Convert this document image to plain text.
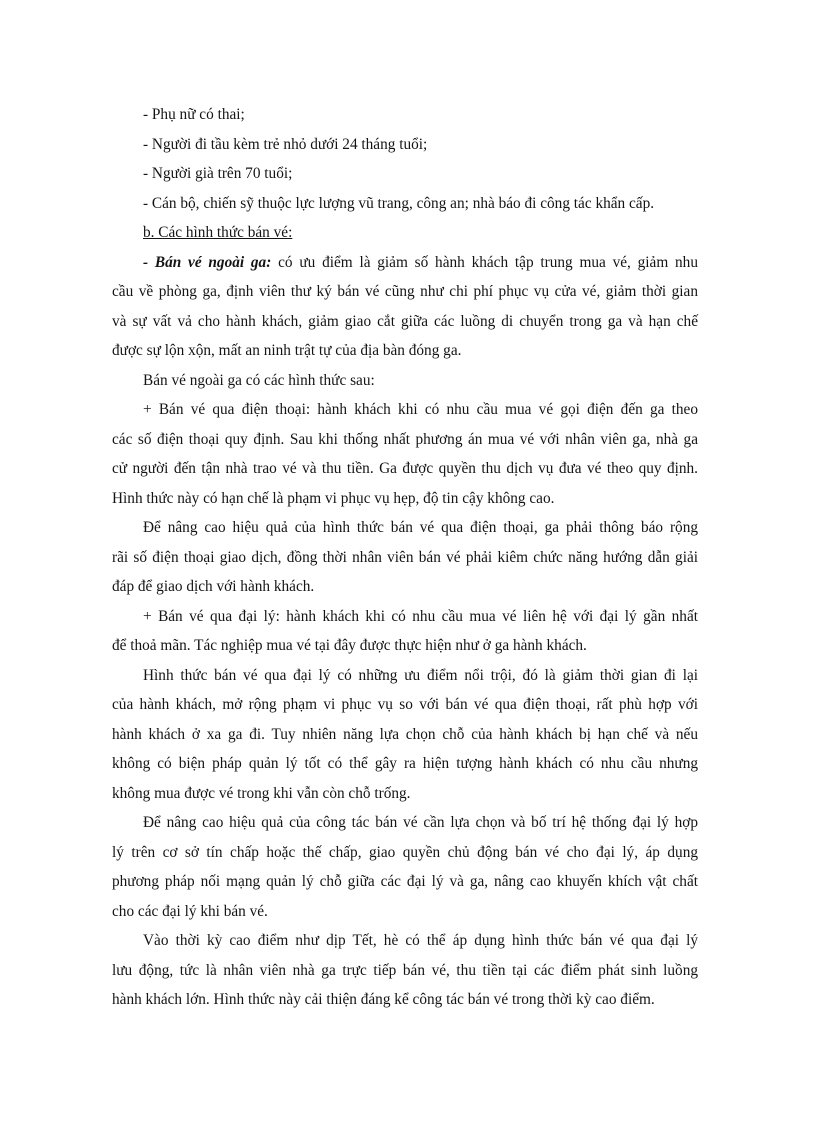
- Phụ nữ có thai;
- Người đi tầu kèm trẻ nhỏ dưới 24 tháng tuổi;
- Người già trên 70 tuổi;
- Cán bộ, chiến sỹ thuộc lực lượng vũ trang, công an; nhà báo đi công tác khẩn cấp.
b. Các hình thức bán vé:
- Bán vé ngoài ga: có ưu điểm là giảm số hành khách tập trung mua vé, giảm nhu
cầu về phòng ga, định viên thư ký bán vé cũng như chi phí phục vụ cửa vé, giảm thời gian
và sự vất vả cho hành khách, giảm giao cắt giữa các luồng di chuyển trong ga và hạn chế
được sự lộn xộn, mất an ninh trật tự của địa bàn đóng ga.
Bán vé ngoài ga có các hình thức sau:
+ Bán vé qua điện thoại: hành khách khi có nhu cầu mua vé gọi điện đến ga theo
các số điện thoại quy định. Sau khi thống nhất phương án mua vé với nhân viên ga, nhà ga
cử người đến tận nhà trao vé và thu tiền. Ga được quyền thu dịch vụ đưa vé theo quy định.
Hình thức này có hạn chế là phạm vi phục vụ hẹp, độ tin cậy không cao.
Để nâng cao hiệu quả của hình thức bán vé qua điện thoại, ga phải thông báo rộng
rãi số điện thoại giao dịch, đồng thời nhân viên bán vé phải kiêm chức năng hướng dẫn giải
đáp để giao dịch với hành khách.
+ Bán vé qua đại lý: hành khách khi có nhu cầu mua vé liên hệ với đại lý gần nhất
để thoả mãn. Tác nghiệp mua vé tại đây được thực hiện như ở ga hành khách.
Hình thức bán vé qua đại lý có những ưu điểm nổi trội, đó là giảm thời gian đi lại
của hành khách, mở rộng phạm vi phục vụ so với bán vé qua điện thoại, rất phù hợp với
hành khách ở xa ga đi. Tuy nhiên năng lựa chọn chỗ của hành khách bị hạn chế và nếu
không có biện pháp quản lý tốt có thể gây ra hiện tượng hành khách có nhu cầu nhưng
không mua được vé trong khi vẫn còn chỗ trống.
Để nâng cao hiệu quả của công tác bán vé cần lựa chọn và bố trí hệ thống đại lý hợp
lý trên cơ sở tín chấp hoặc thế chấp, giao quyền chủ động bán vé cho đại lý, áp dụng
phương pháp nối mạng quản lý chỗ giữa các đại lý và ga, nâng cao khuyến khích vật chất
cho các đại lý khi bán vé.
Vào thời kỳ cao điểm như dịp Tết, hè có thể áp dụng hình thức bán vé qua đại lý
lưu động, tức là nhân viên nhà ga trực tiếp bán vé, thu tiền tại các điểm phát sinh luồng
hành khách lớn. Hình thức này cải thiện đáng kể công tác bán vé trong thời kỳ cao điểm.
